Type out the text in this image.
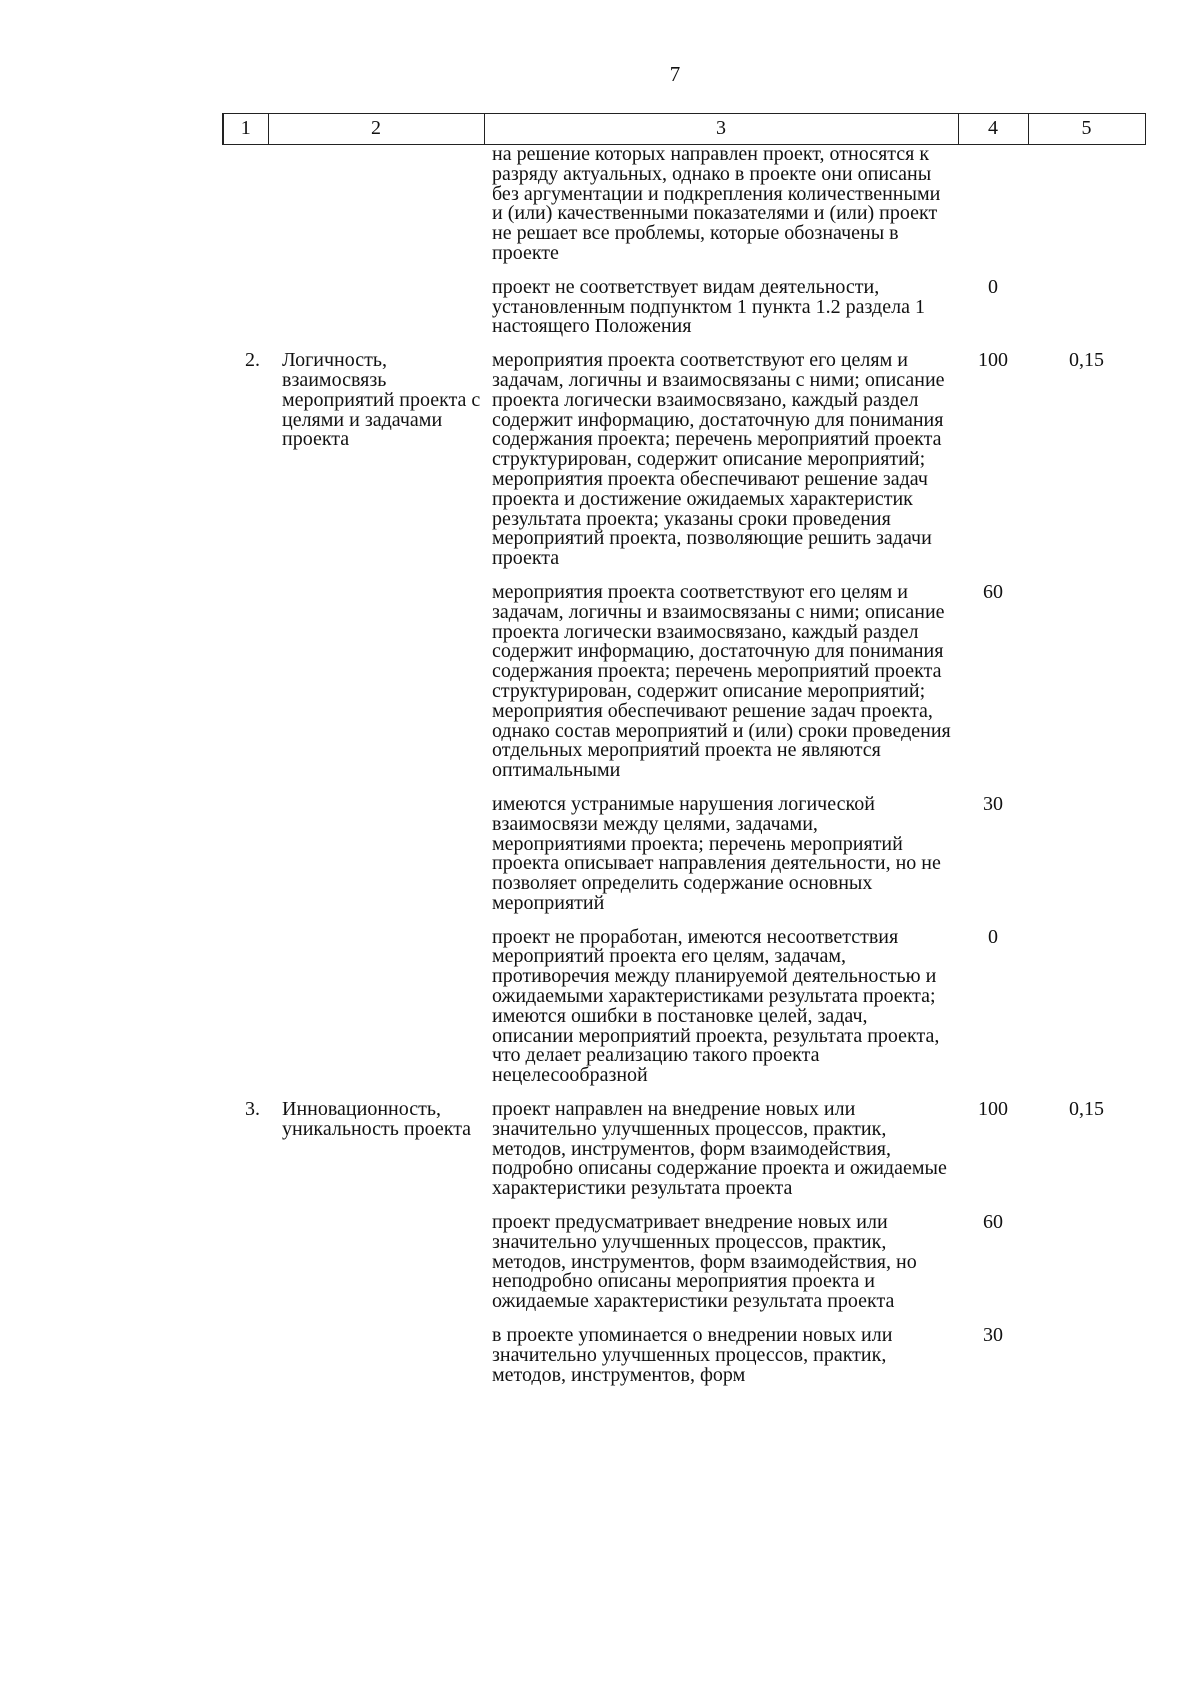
7
1	2	3	4	5
		на решение которых направлен проект, относятся к разряду актуальных, однако в проекте они описаны без аргументации и подкрепления количественными и (или) качественными показателями и (или) проект не решает все проблемы, которые обозначены в проекте		
		проект не соответствует видам деятельности, установленным подпунктом 1 пункта 1.2 раздела 1 настоящего Положения	0	
2.	Логичность, взаимосвязь мероприятий проекта с целями и задачами проекта	мероприятия проекта соответствуют его целям и задачам, логичны и взаимосвязаны с ними; описание проекта логически взаимосвязано, каждый раздел содержит информацию, достаточную для понимания содержания проекта; перечень мероприятий проекта структурирован, содержит описание мероприятий; мероприятия проекта обеспечивают решение задач проекта и достижение ожидаемых характеристик результата проекта; указаны сроки проведения мероприятий проекта, позволяющие решить задачи проекта	100	0,15
		мероприятия проекта соответствуют его целям и задачам, логичны и взаимосвязаны с ними; описание проекта логически взаимосвязано, каждый раздел содержит информацию, достаточную для понимания содержания проекта; перечень мероприятий проекта структурирован, содержит описание мероприятий; мероприятия обеспечивают решение задач проекта, однако состав мероприятий и (или) сроки проведения отдельных мероприятий проекта не являются оптимальными	60	
		имеются устранимые нарушения логической взаимосвязи между целями, задачами, мероприятиями проекта; перечень мероприятий проекта описывает направления деятельности, но не позволяет определить содержание основных мероприятий	30	
		проект не проработан, имеются несоответствия мероприятий проекта его целям, задачам, противоречия между планируемой деятельностью и ожидаемыми характеристиками результата проекта; имеются ошибки в постановке целей, задач, описании мероприятий проекта, результата проекта, что делает реализацию такого проекта нецелесообразной	0	
3.	Инновационность, уникальность проекта	проект направлен на внедрение новых или значительно улучшенных процессов, практик, методов, инструментов, форм взаимодействия, подробно описаны содержание проекта и ожидаемые характеристики результата проекта	100	0,15
		проект предусматривает внедрение новых или значительно улучшенных процессов, практик, методов, инструментов, форм взаимодействия, но неподробно описаны мероприятия проекта и ожидаемые характеристики результата проекта	60	
		в проекте упоминается о внедрении новых или значительно улучшенных процессов, практик, методов, инструментов, форм	30	
